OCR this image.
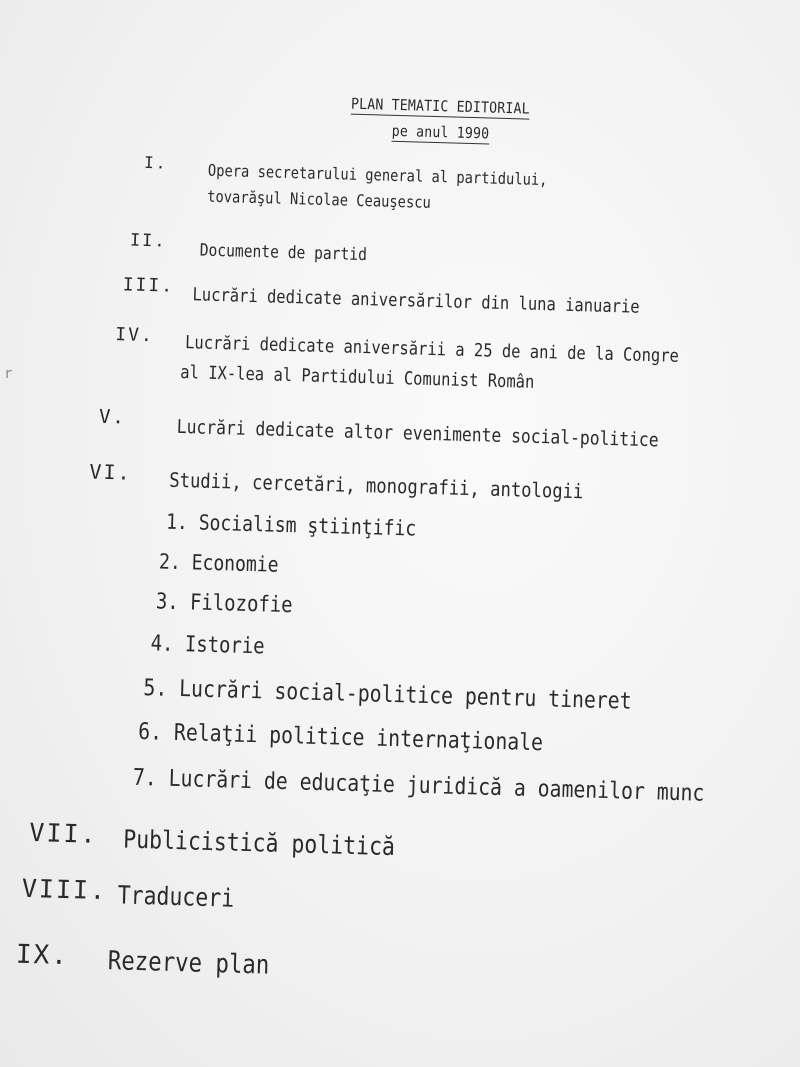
r
PLAN TEMATIC EDITORIAL
pe anul 1990
I.	Opera secretarului general al partidului,
tovarăşul Nicolae Ceauşescu
II. Documente de partid
III. Lucrări dedicate aniversărilor din luna ianuarie
IV. Lucrări dedicate aniversării a 25 de ani de la Congre
al IX-lea al Partidului Comunist Român
V.	Lucrări dedicate altor evenimente social-politice
VI. Studii, cercetări, monografii, antologii
1. Socialism ştiinţific
2. Economie
3. Filozofie
4. Istorie
5. Lucrări social-politice pentru tineret
6. Relaţii politice internaţionale
7. Lucrări de educaţie juridică a oamenilor munc
VII. Publicistică politică
VIII. Traduceri
IX. Rezerve plan
